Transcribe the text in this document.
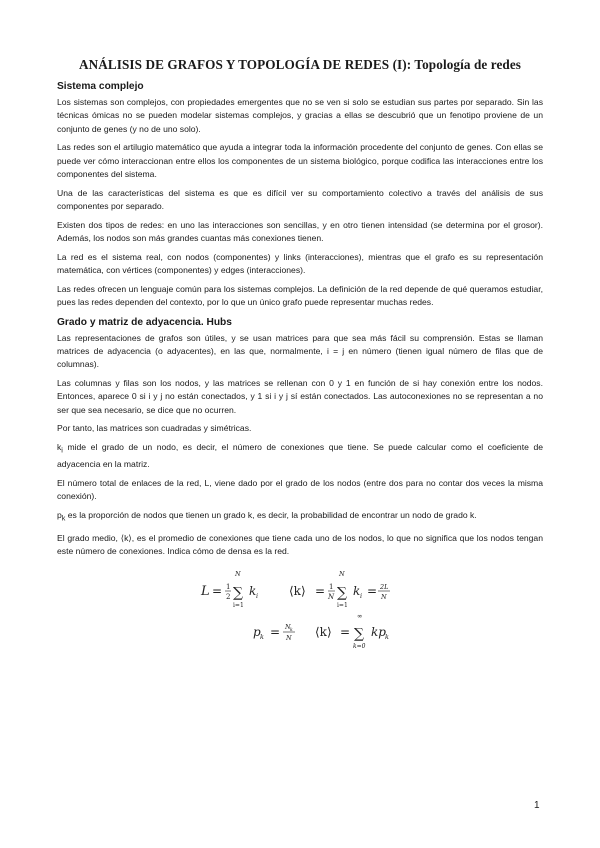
ANÁLISIS DE GRAFOS Y TOPOLOGÍA DE REDES (I): Topología de redes
Sistema complejo

Los sistemas son complejos, con propiedades emergentes que no se ven si solo se estudian sus partes por separado. Sin las técnicas ómicas no se pueden modelar sistemas complejos, y gracias a ellas se descubrió que un fenotipo proviene de un conjunto de genes (y no de uno solo).

Las redes son el artilugio matemático que ayuda a integrar toda la información procedente del conjunto de genes. Con ellas se puede ver cómo interaccionan entre ellos los componentes de un sistema biológico, porque codifica las interacciones entre los componentes del sistema.

Una de las características del sistema es que es difícil ver su comportamiento colectivo a través del análisis de sus componentes por separado.

Existen dos tipos de redes: en uno las interacciones son sencillas, y en otro tienen intensidad (se determina por el grosor). Además, los nodos son más grandes cuantas más conexiones tienen.

La red es el sistema real, con nodos (componentes) y links (interacciones), mientras que el grafo es su representación matemática, con vértices (componentes) y edges (interacciones).

Las redes ofrecen un lenguaje común para los sistemas complejos. La definición de la red depende de qué queramos estudiar, pues las redes dependen del contexto, por lo que un único grafo puede representar muchas redes.

Grado y matriz de adyacencia. Hubs

Las representaciones de grafos son útiles, y se usan matrices para que sea más fácil su comprensión. Estas se llaman matrices de adyacencia (o adyacentes), en las que, normalmente, i = j en número (tienen igual número de filas que de columnas).

Las columnas y filas son los nodos, y las matrices se rellenan con 0 y 1 en función de si hay conexión entre los nodos. Entonces, aparece 0 si i y j no están conectados, y 1 si i y j sí están conectados. Las autoconexiones no se representan a no ser que sea necesario, se dice que no ocurren.

Por tanto, las matrices son cuadradas y simétricas.

$k_i$ mide el grado de un nodo, es decir, el número de conexiones que tiene. Se puede calcular como el coeficiente de adyacencia en la matriz.

El número total de enlaces de la red, L, viene dado por el grado de los nodos (entre dos para no contar dos veces la misma conexión).

$p_k$ es la proporción de nodos que tienen un grado k, es decir, la probabilidad de encontrar un nodo de grado k.

El grado medio, ⟨k⟩, es el promedio de conexiones que tiene cada uno de los nodos, lo que no significa que los nodos tengan este número de conexiones. Indica cómo de densa es la red.

L = 1
2
N
∑
i=1
k i	⟨k⟩ = 1
N
N
∑
i=1
k i = 2L
N
p k = N k
N ⟨k⟩ =
∞
∑
k=0
kp k
1
